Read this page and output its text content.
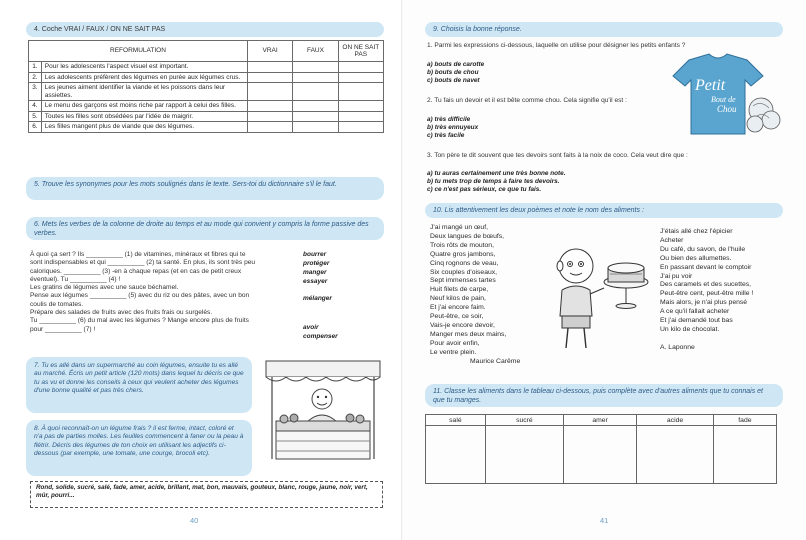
4. Coche VRAI / FAUX / ON NE SAIT PAS
REFORMULATION		VRAI	FAUX	ON NE SAIT PAS
1.	Pour les adolescents l'aspect visuel est important.			
2.	Les adolescents préfèrent des légumes en purée aux légumes crus.			
3.	Les jeunes aiment identifier la viande et les poissons dans leur assiettes.			
4.	Le menu des garçons est moins riche par rapport à celui des filles.			
5.	Toutes les filles sont obsédées par l'idée de maigrir.			
6.	Les filles mangent plus de viande que des légumes.			
5. Trouve les synonymes pour les mots soulignés dans le texte. Sers-toi du dictionnaire s'il le faut.
6. Mets les verbes de la colonne de droite au temps et au mode qui convient y compris la forme passive des verbes.
À quoi ça sert ? Ils __________ (1) de vitamines, minéraux et fibres qui te
sont indispensables et qui __________ (2) ta santé. En plus, ils sont très peu
caloriques. __________ (3) -en à chaque repas (et en cas de petit creux
éventuel). Tu __________ (4) !
Les gratins de légumes avec une sauce béchamel.
Pense aux légumes __________ (5) avec du riz ou des pâtes, avec un bon
coulis de tomates.
Prépare des salades de fruits avec des fruits frais ou surgelés.
Tu __________ (6) du mal avec les légumes ? Mange encore plus de fruits
pour __________ (7) !
bourrer
protéger
manger
essayer
mélanger
avoir
compenser
7. Tu es allé dans un supermarché au coin légumes, ensuite tu es allé au marché. Écris un petit article (120 mots) dans lequel tu décris ce que tu as vu et donne les conseils à ceux qui veulent acheter des légumes d'une bonne qualité et pas très chers.
8. À quoi reconnaît-on un légume frais ? il est ferme, intact, coloré et n'a pas de parties molles. Les feuilles commencent à faner ou la peau à flétrir. Décris des légumes de ton choix en utilisant les adjectifs ci-dessous (par exemple, une tomate, une courge, brocoli etc).
Rond, solide, sucré, salé, fade, amer, acide, brillant, mat, bon, mauvais, gouteux, blanc, rouge, jaune, noir, vert, mûr, pourri...
40
9. Choisis la bonne réponse.
1. Parmi les expressions ci-dessous, laquelle on utilise pour désigner les petits enfants ?
a) bouts de carotte
b) bouts de chou
c) bouts de navet
2. Tu fais un devoir et il est bête comme chou. Cela signifie qu'il est :
a) très difficile
b) très ennuyeux
c) très facile
Petit
Bout de
Chou
3. Ton père te dit souvent que tes devoirs sont faits à la noix de coco. Cela veut dire que :
a) tu auras certainement une très bonne note.
b) tu mets trop de temps à faire tes devoirs.
c) ce n'est pas sérieux, ce que tu fais.
10. Lis attentivement les deux poèmes et note le nom des aliments :
J'ai mangé un œuf,
Deux langues de bœufs,
Trois rôts de mouton,
Quatre gros jambons,
Cinq rognons de veau,
Six couples d'oiseaux,
Sept immenses tartes
Huit filets de carpe,
Neuf kilos de pain,
Et j'ai encore faim.
Peut-être, ce soir,
Vais-je encore devoir,
Manger mes deux mains,
Pour avoir enfin,
Le ventre plein.
Maurice Carême
J'étais allé chez l'épicier
Acheter
Du café, du savon, de l'huile
Ou bien des allumettes.
En passant devant le comptoir
J'ai pu voir
Des caramels et des sucettes,
Peut-être cent, peut-être mille !
Mais alors, je n'ai plus pensé
A ce qu'il fallait acheter
Et j'ai demandé tout bas
Un kilo de chocolat.
A. Laponne
11. Classe les aliments dans le tableau ci-dessous, puis complète avec d'autres aliments que tu connais et que tu manges.
salé	sucré	amer	acide	fade

41
